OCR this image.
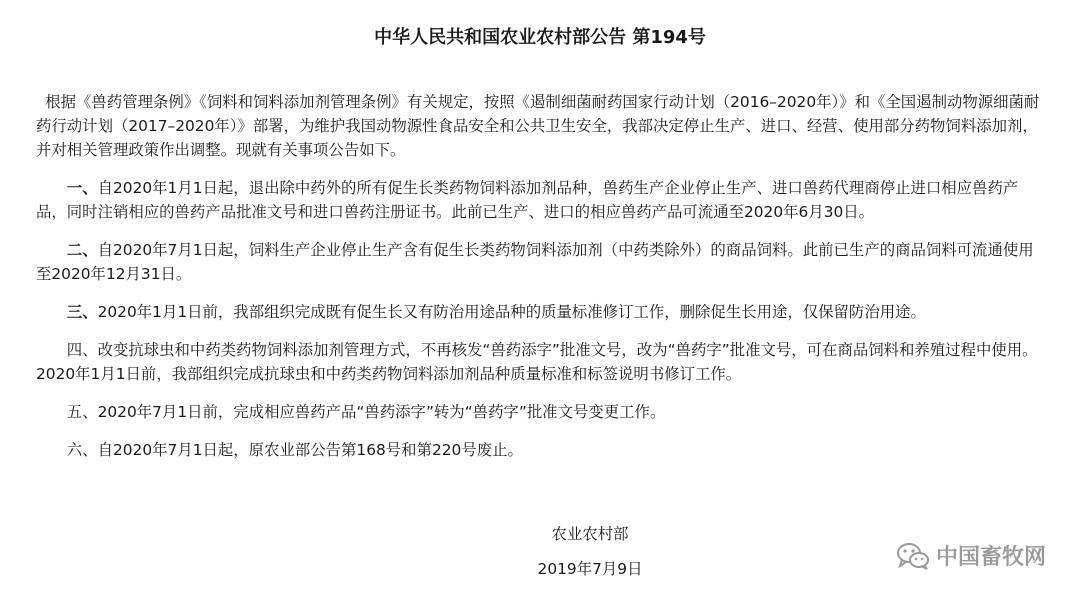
中华人民共和国农业农村部公告 第194号

根据《兽药管理条例》《饲料和饲料添加剂管理条例》有关规定，按照《遏制细菌耐药国家行动计划（2016–2020年）》和《全国遏制动物源细菌耐药行动计划（2017–2020年）》部署，为维护我国动物源性食品安全和公共卫生安全，我部决定停止生产、进口、经营、使用部分药物饲料添加剂，并对相关管理政策作出调整。现就有关事项公告如下。

一、自2020年1月1日起，退出除中药外的所有促生长类药物饲料添加剂品种，兽药生产企业停止生产、进口兽药代理商停止进口相应兽药产品，同时注销相应的兽药产品批准文号和进口兽药注册证书。此前已生产、进口的相应兽药产品可流通至2020年6月30日。

二、自2020年7月1日起，饲料生产企业停止生产含有促生长类药物饲料添加剂（中药类除外）的商品饲料。此前已生产的商品饲料可流通使用至2020年12月31日。

三、2020年1月1日前，我部组织完成既有促生长又有防治用途品种的质量标准修订工作，删除促生长用途，仅保留防治用途。

四、改变抗球虫和中药类药物饲料添加剂管理方式，不再核发“兽药添字”批准文号，改为“兽药字”批准文号，可在商品饲料和养殖过程中使用。2020年1月1日前，我部组织完成抗球虫和中药类药物饲料添加剂品种质量标准和标签说明书修订工作。

五、2020年7月1日前，完成相应兽药产品“兽药添字”转为“兽药字”批准文号变更工作。

六、自2020年7月1日起，原农业部公告第168号和第220号废止。

农业农村部
2019年7月9日	中国畜牧网
